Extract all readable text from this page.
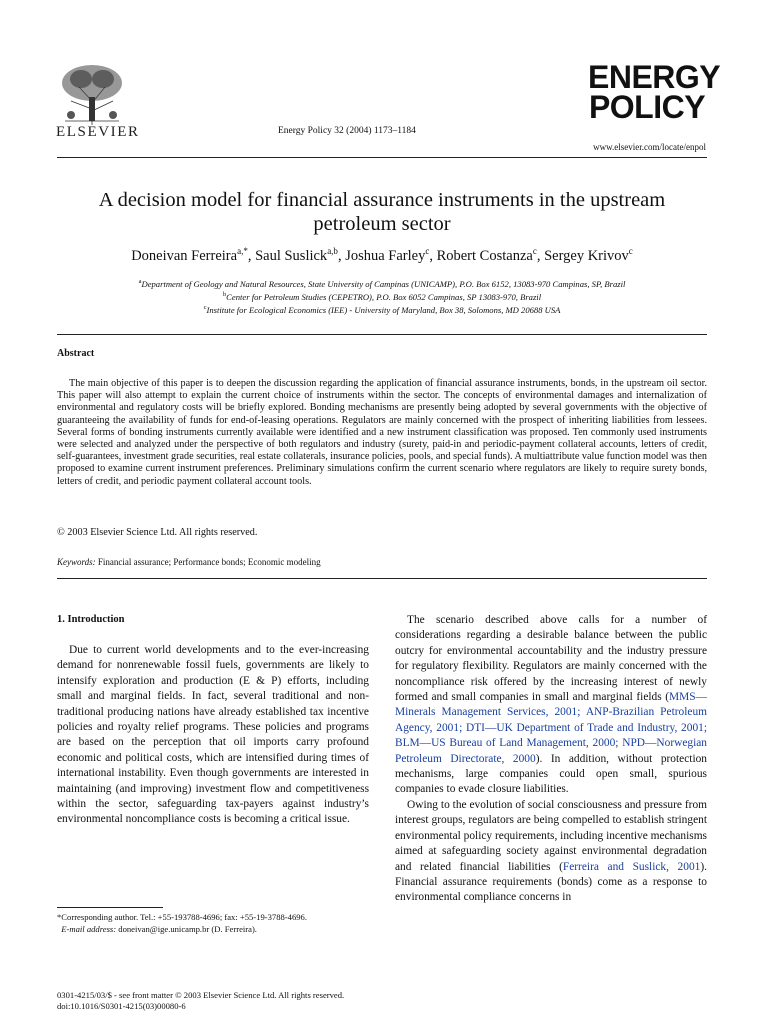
ELSEVIER	Energy Policy 32 (2004) 1173–1184
ENERGY
POLICY
www.elsevier.com/locate/enpol
A decision model for financial assurance instruments in the upstream petroleum sector
Doneivan Ferreira$^{a,*}$, Saul Suslick$^{a,b}$, Joshua Farley$^c$, Robert Costanza$^c$, Sergey Krivov$^c$
$^a$Department of Geology and Natural Resources, State University of Campinas (UNICAMP), P.O. Box 6152, 13083-970 Campinas, SP, Brazil
$^b$Center for Petroleum Studies (CEPETRO), P.O. Box 6052 Campinas, SP 13083-970, Brazil
$^c$Institute for Ecological Economics (IEE) - University of Maryland, Box 38, Solomons, MD 20688 USA
Abstract
The main objective of this paper is to deepen the discussion regarding the application of financial assurance instruments, bonds, in the upstream oil sector. This paper will also attempt to explain the current choice of instruments within the sector. The concepts of environmental damages and internalization of environmental and regulatory costs will be briefly explored. Bonding mechanisms are presently being adopted by several governments with the objective of guaranteeing the availability of funds for end-of-leasing operations. Regulators are mainly concerned with the prospect of inheriting liabilities from lessees. Several forms of bonding instruments currently available were identified and a new instrument classification was proposed. Ten commonly used instruments were selected and analyzed under the perspective of both regulators and industry (surety, paid-in and periodic-payment collateral accounts, letters of credit, self-guarantees, investment grade securities, real estate collaterals, insurance policies, pools, and special funds). A multiattribute value function model was then proposed to examine current instrument preferences. Preliminary simulations confirm the current scenario where regulators are likely to require surety bonds, letters of credit, and periodic payment collateral account tools.
© 2003 Elsevier Science Ltd. All rights reserved.
Keywords: Financial assurance; Performance bonds; Economic modeling
1. Introduction

Due to current world developments and to the ever-increasing demand for nonrenewable fossil fuels, governments are likely to intensify exploration and production (E & P) efforts, including small and marginal fields. In fact, several traditional and non-traditional producing nations have already established tax incentive policies and royalty relief programs. These policies and programs are based on the perception that oil imports carry profound economic and political costs, which are intensified during times of international instability. Even though governments are interested in maintaining (and improving) investment flow and competitiveness within the sector, safeguarding tax-payers against industry’s environmental noncompliance costs is becoming a critical issue.

The scenario described above calls for a number of considerations regarding a desirable balance between the public outcry for environmental accountability and the industry pressure for regulatory flexibility. Regulators are mainly concerned with the noncompliance risk offered by the increasing interest of newly formed and small companies in small and marginal fields (MMS—Minerals Management Services, 2001; ANP-Brazilian Petroleum Agency, 2001; DTI—UK Department of Trade and Industry, 2001; BLM—US Bureau of Land Management, 2000; NPD—Norwegian Petroleum Directorate, 2000). In addition, without protection mechanisms, large companies could open small, spurious companies to evade closure liabilities.

Owing to the evolution of social consciousness and pressure from interest groups, regulators are being compelled to establish stringent environmental policy requirements, including incentive mechanisms aimed at safeguarding society against environmental degradation and related financial liabilities (Ferreira and Suslick, 2001). Financial assurance requirements (bonds) come as a response to environmental compliance concerns in

*Corresponding author. Tel.: +55-193788-4696; fax: +55-19-3788-4696.
E-mail address: doneivan@ige.unicamp.br (D. Ferreira).
0301-4215/03/$ - see front matter © 2003 Elsevier Science Ltd. All rights reserved.
doi:10.1016/S0301-4215(03)00080-6
